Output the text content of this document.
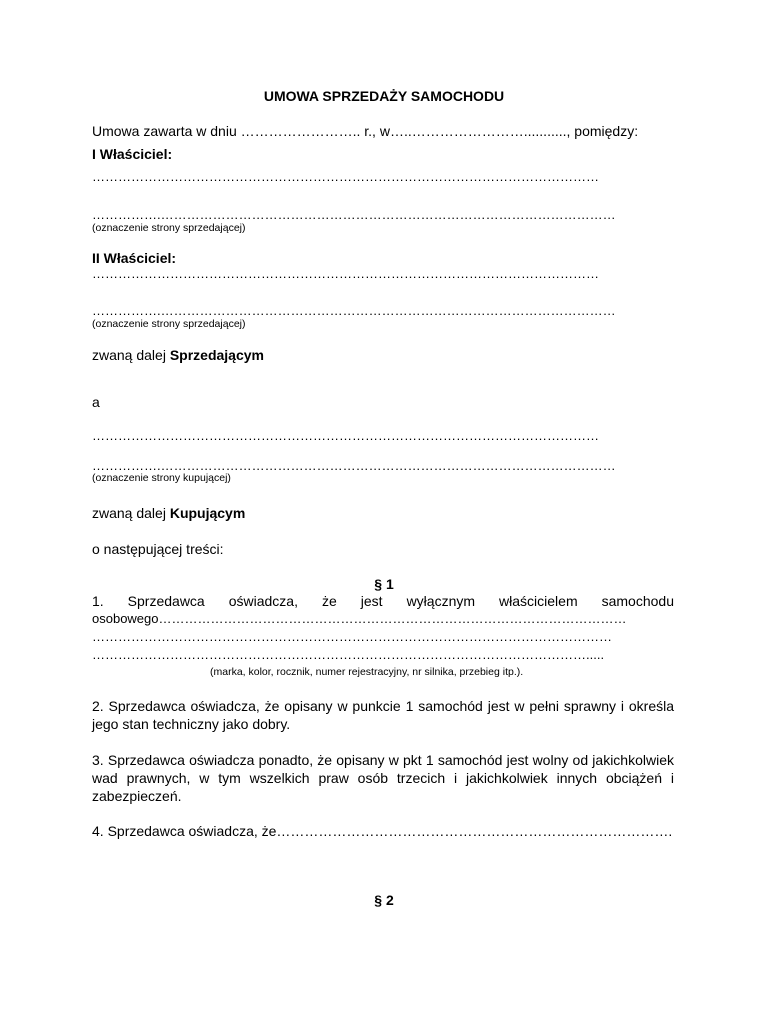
UMOWA SPRZEDAŻY SAMOCHODU
Umowa zawarta w dniu …………………….. r., w…..……………………..........., pomiędzy:
I Właściciel:
………………………………………………………………………………………………………
…………….……………………………………………………………………………………………
(oznaczenie strony sprzedającej)
II Właściciel:
………………………………………………………………………………………………………
…………….……………………………………………………………………………………………
(oznaczenie strony sprzedającej)
zwaną dalej Sprzedającym
a
………………………………………………………………………………………………………
…………….……………………………………………………………………………………………
(oznaczenie strony kupującej)
zwaną dalej Kupującym
o następującej treści:
§ 1
1. Sprzedawca oświadcza, że jest wyłącznym właścicielem samochodu
osobowego………………………………………………………………………………………………
…………………………………………………………………………………………………………
…………………………………………………………………………………………………….....
(marka, kolor, rocznik, numer rejestracyjny, nr silnika, przebieg itp.).
2. Sprzedawca oświadcza, że opisany w punkcie 1 samochód jest w pełni sprawny i określa jego stan techniczny jako dobry.
3. Sprzedawca oświadcza ponadto, że opisany w pkt 1 samochód jest wolny od jakichkolwiek wad prawnych, w tym wszelkich praw osób trzecich i jakichkolwiek innych obciążeń i zabezpieczeń.
4. Sprzedawca oświadcza, że………………………………………………………………………….
§ 2
